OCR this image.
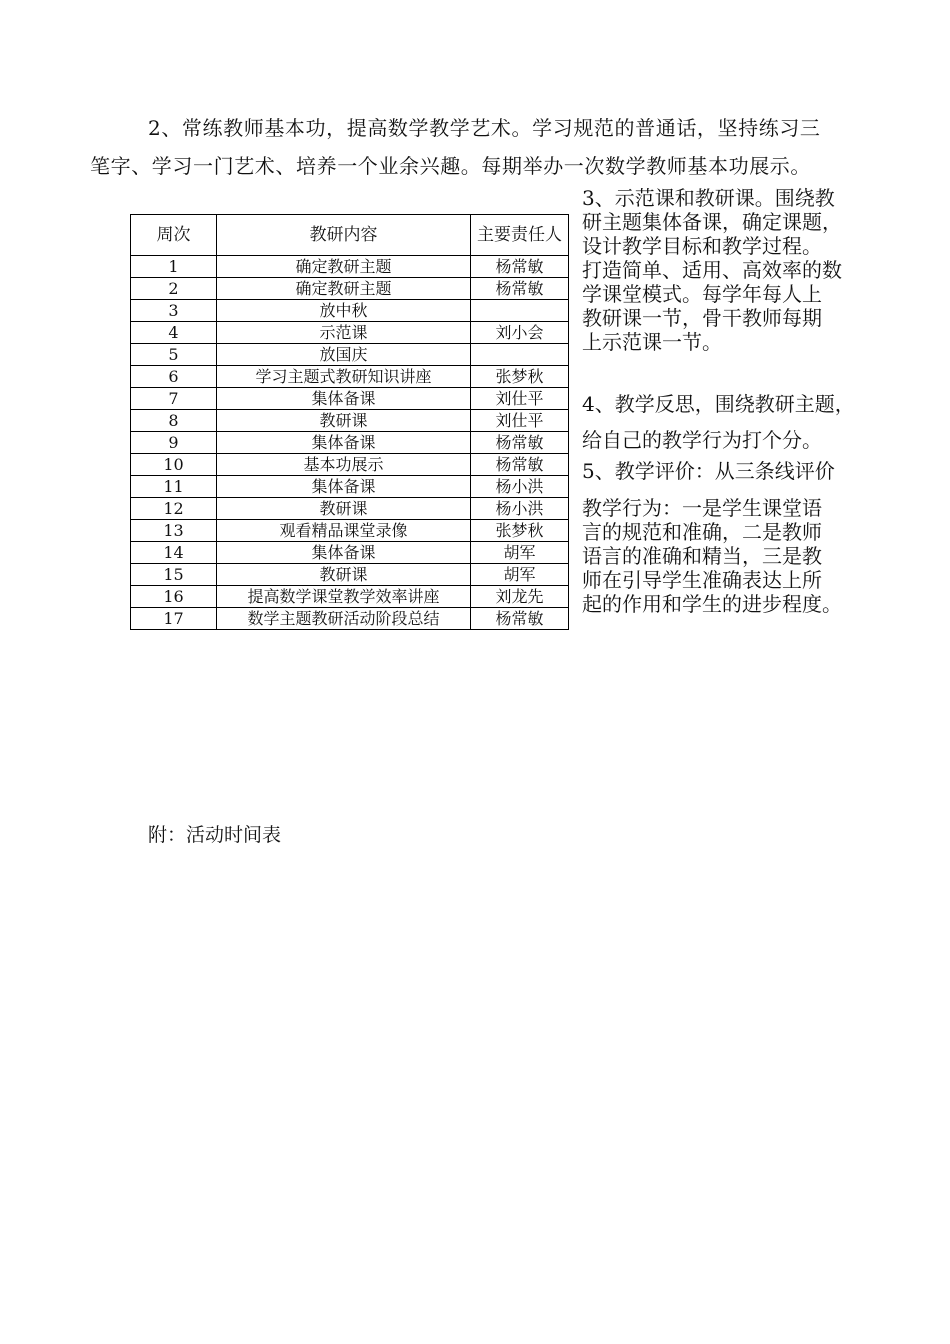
2、常练教师基本功，提高数学教学艺术。学习规范的普通话，坚持练习三

笔字、学习一门艺术、培养一个业余兴趣。每期举办一次数学教师基本功展示。

周次	教研内容	主要责任人
1	确定教研主题	杨常敏
2	确定教研主题	杨常敏
3	放中秋	
4	示范课	刘小会
5	放国庆	
6	学习主题式教研知识讲座	张梦秋
7	集体备课	刘仕平
8	教研课	刘仕平
9	集体备课	杨常敏
10	基本功展示	杨常敏
11	集体备课	杨小洪
12	教研课	杨小洪
13	观看精品课堂录像	张梦秋
14	集体备课	胡军
15	教研课	胡军
16	提高数学课堂教学效率讲座	刘龙先
17	数学主题教研活动阶段总结	杨常敏
3、示范课和教研课。围绕教
研主题集体备课，确定课题，
设计教学目标和教学过程。
打造简单、适用、高效率的数
学课堂模式。每学年每人上
教研课一节，骨干教师每期
上示范课一节。
4、教学反思，围绕教研主题，
给自己的教学行为打个分。
5、教学评价：从三条线评价
教学行为：一是学生课堂语
言的规范和准确，二是教师
语言的准确和精当，三是教
师在引导学生准确表达上所
起的作用和学生的进步程度。

附：活动时间表
